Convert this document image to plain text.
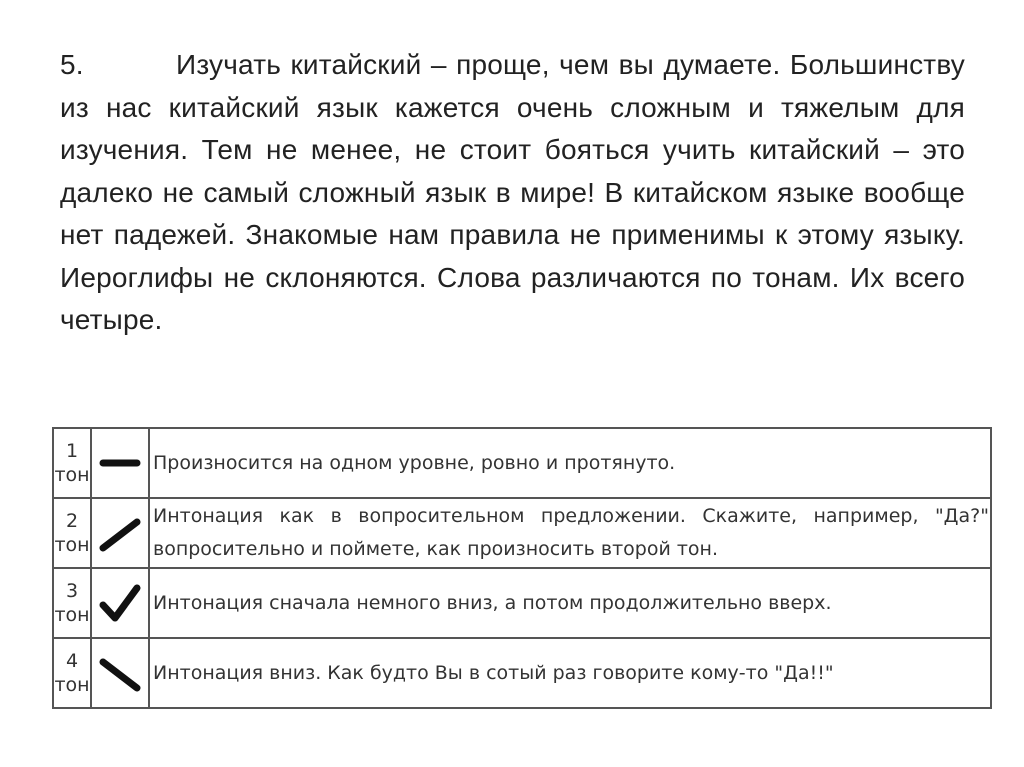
5.	Изучать китайский – проще, чем вы думаете. Большинству из нас китайский язык кажется очень сложным и тяжелым для изучения. Тем не менее, не стоит бояться учить китайский – это далеко не самый сложный язык в мире! В китайском языке вообще нет падежей. Знакомые нам правила не применимы к этому языку. Иероглифы не склоняются. Слова различаются по тонам. Их всего четыре.

1
тон		Произносится на одном уровне, ровно и протянуто.

2
тон		Интонация как в вопросительном предложении. Скажите, например, "Да?"
вопросительно и поймете, как произносить второй тон.

3
тон		Интонация сначала немного вниз, а потом продолжительно вверх.

4
тон		Интонация вниз. Как будто Вы в сотый раз говорите кому-то "Да!!"
